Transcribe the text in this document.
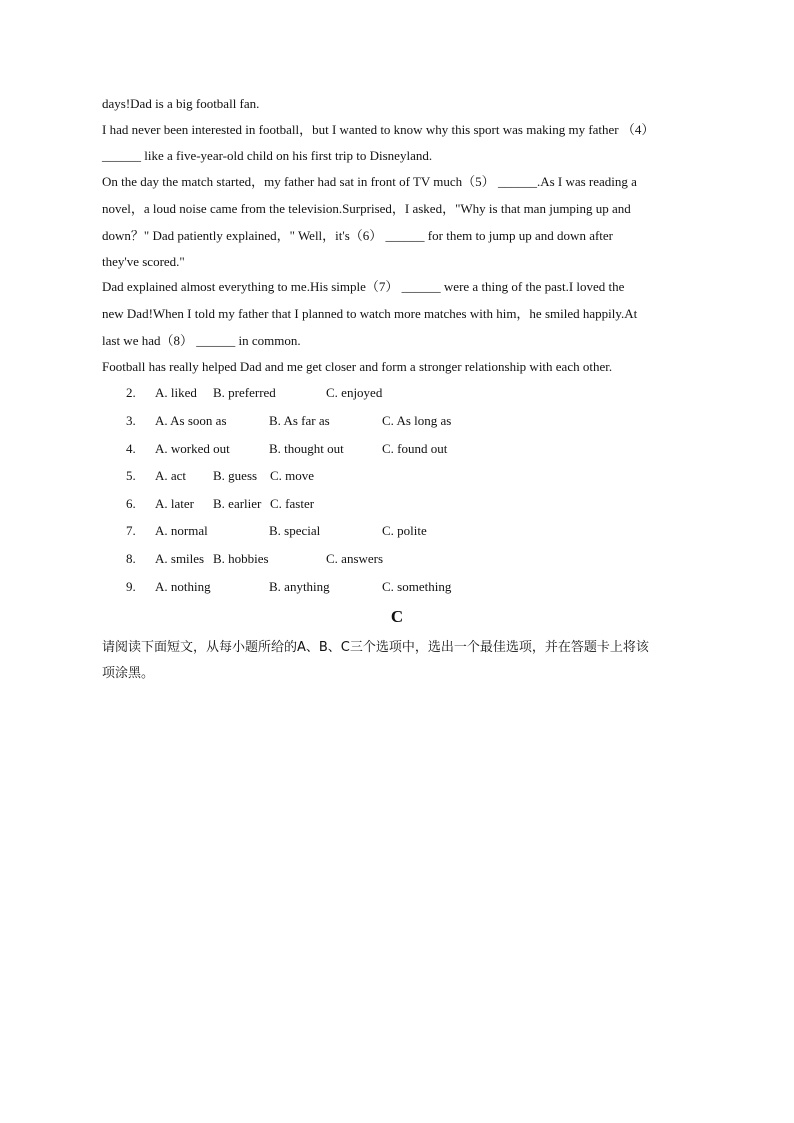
days!Dad is a big football fan.
I had never been interested in football，but I wanted to know why this sport was making my father （4）
______ like a five-year-old child on his first trip to Disneyland.
On the day the match started，my father had sat in front of TV much（5） ______.As I was reading a
novel，a loud noise came from the television.Surprised，I asked，"Why is that man jumping up and
down？" Dad patiently explained，" Well，it's（6） ______ for them to jump up and down after
they've scored."
Dad explained almost everything to me.His simple（7） ______ were a thing of the past.I loved the
new Dad!When I told my father that I planned to watch more matches with him，he smiled happily.At
last we had（8） ______ in common.
Football has really helped Dad and me get closer and form a stronger relationship with each other.
2. A. liked B. preferred	C. enjoyed
3. A. As soon as	B. As far as	C. As long as
4. A. worked out	B. thought out	C. found out
5. A. act B. guess C. move
6. A. later B. earlier C. faster
7. A. normal	B. special	C. polite
8. A. smiles B. hobbies	C. answers
9. A. nothing	B. anything	C. something
C
请阅读下面短文，从每小题所给的A、B、C三个选项中，选出一个最佳选项，并在答题卡上将该
项涂黑。
